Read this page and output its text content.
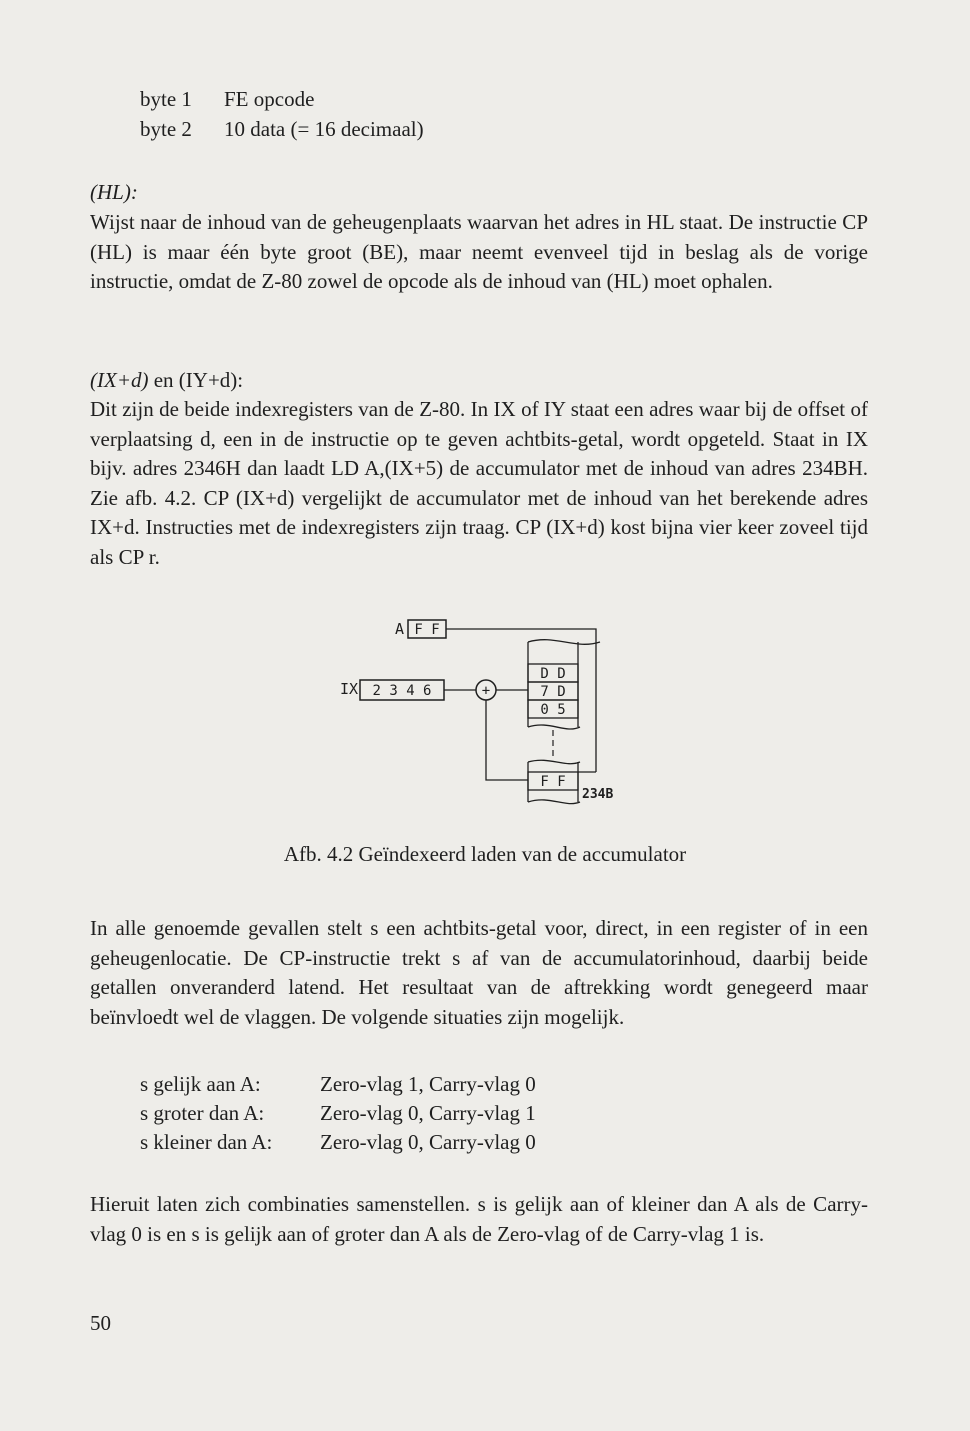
byte 1 FE opcode
byte 2 10 data (= 16 decimaal)
(HL):

Wijst naar de inhoud van de geheugenplaats waarvan het adres in HL staat. De instructie CP (HL) is maar één byte groot (BE), maar neemt evenveel tijd in beslag als de vorige instructie, omdat de Z-80 zowel de opcode als de inhoud van (HL) moet ophalen.

(IX+d) en (IY+d):

Dit zijn de beide indexregisters van de Z-80. In IX of IY staat een adres waar bij de offset of verplaatsing d, een in de instructie op te geven achtbits-getal, wordt opgeteld. Staat in IX bijv. adres 2346H dan laadt LD A,(IX+5) de accumulator met de inhoud van adres 234BH. Zie afb. 4.2. CP (IX+d) vergelijkt de accumulator met de inhoud van het berekende adres IX+d. Instructies met de indexregisters zijn traag. CP (IX+d) kost bijna vier keer zoveel tijd als CP r.

A F F
D D
7 D
0 5
F F
234B
IX 2 3 4 6	+
Afb. 4.2 Geïndexeerd laden van de accumulator

In alle genoemde gevallen stelt s een achtbits-getal voor, direct, in een register of in een geheugenlocatie. De CP-instructie trekt s af van de accumulatorinhoud, daarbij beide getallen onveranderd latend. Het resultaat van de aftrekking wordt genegeerd maar beïnvloedt wel de vlaggen. De volgende situaties zijn mogelijk.

s gelijk aan A:	Zero-vlag 1, Carry-vlag 0
s groter dan A:	Zero-vlag 0, Carry-vlag 1
s kleiner dan A: Zero-vlag 0, Carry-vlag 0

Hieruit laten zich combinaties samenstellen. s is gelijk aan of kleiner dan A als de Carry-vlag 0 is en s is gelijk aan of groter dan A als de Zero-vlag of de Carry-vlag 1 is.

50
